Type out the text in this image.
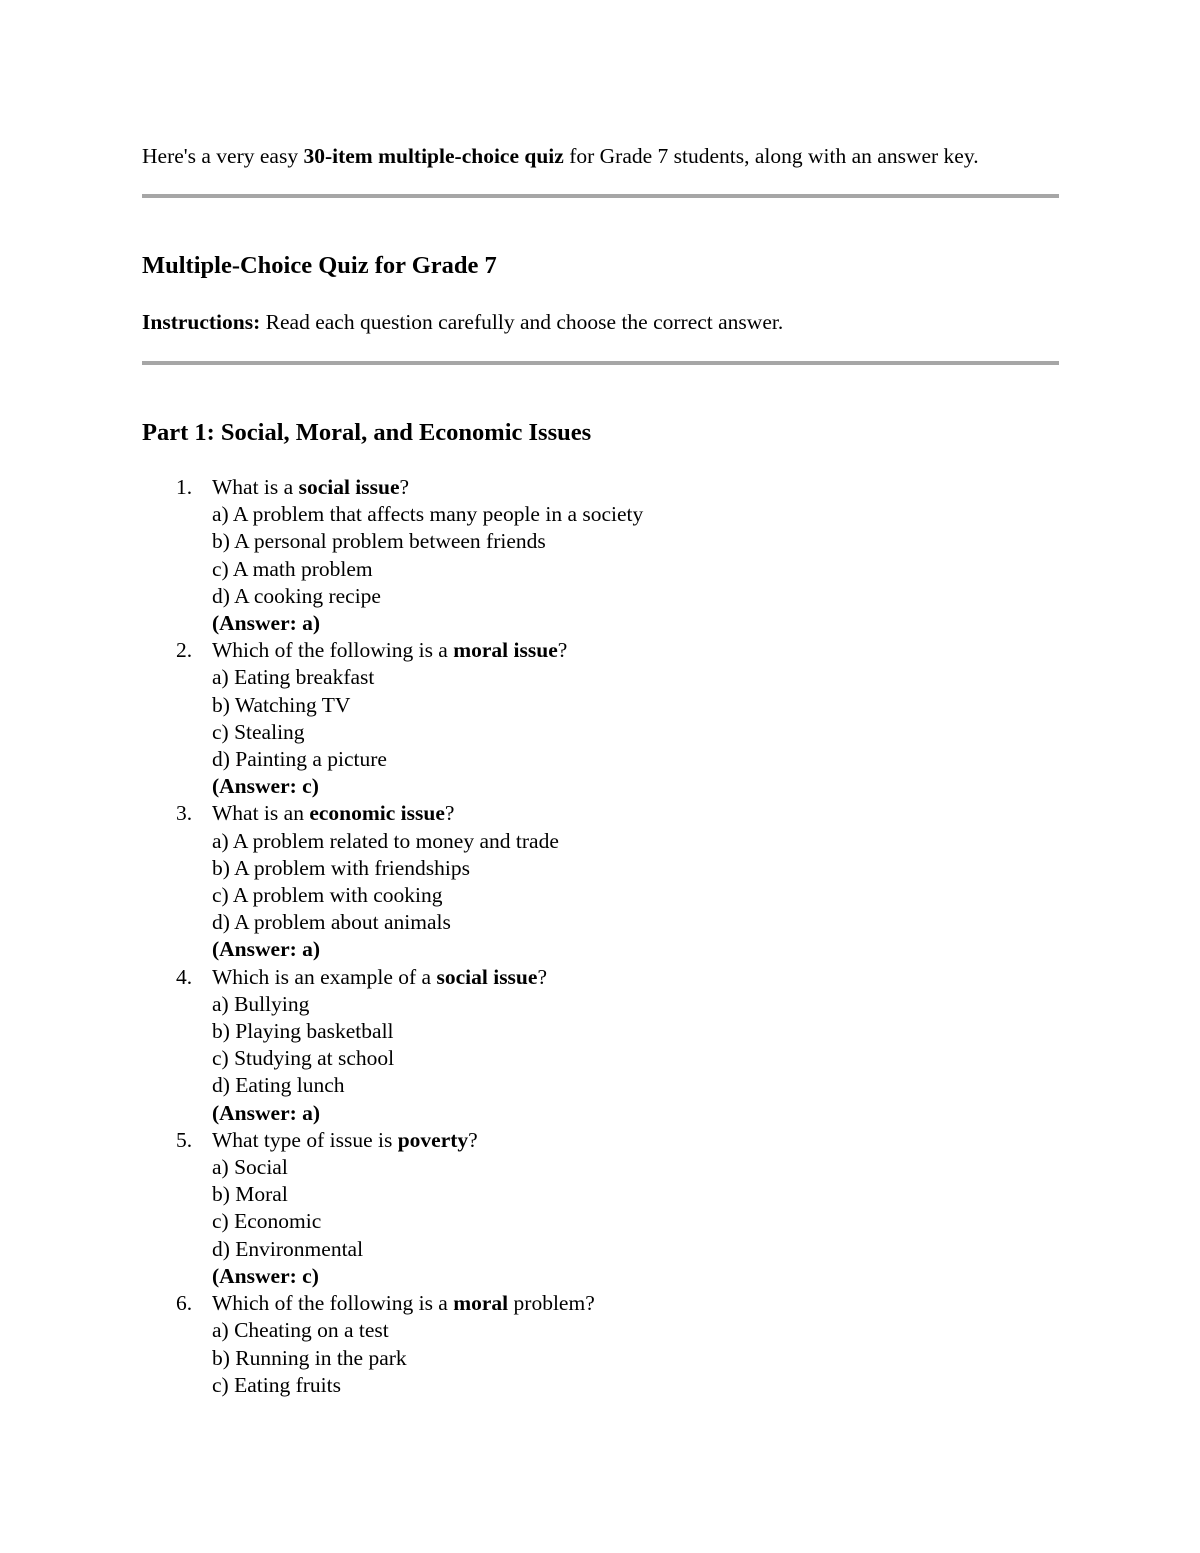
Here's a very easy 30-item multiple-choice quiz for Grade 7 students, along with an answer key.
Multiple-Choice Quiz for Grade 7
Instructions: Read each question carefully and choose the correct answer.
Part 1: Social, Moral, and Economic Issues
1. What is a social issue?
a) A problem that affects many people in a society
b) A personal problem between friends
c) A math problem
d) A cooking recipe
(Answer: a)
2. Which of the following is a moral issue?
a) Eating breakfast
b) Watching TV
c) Stealing
d) Painting a picture
(Answer: c)
3. What is an economic issue?
a) A problem related to money and trade
b) A problem with friendships
c) A problem with cooking
d) A problem about animals
(Answer: a)
4. Which is an example of a social issue?
a) Bullying
b) Playing basketball
c) Studying at school
d) Eating lunch
(Answer: a)
5. What type of issue is poverty?
a) Social
b) Moral
c) Economic
d) Environmental
(Answer: c)
6. Which of the following is a moral problem?
a) Cheating on a test
b) Running in the park
c) Eating fruits
